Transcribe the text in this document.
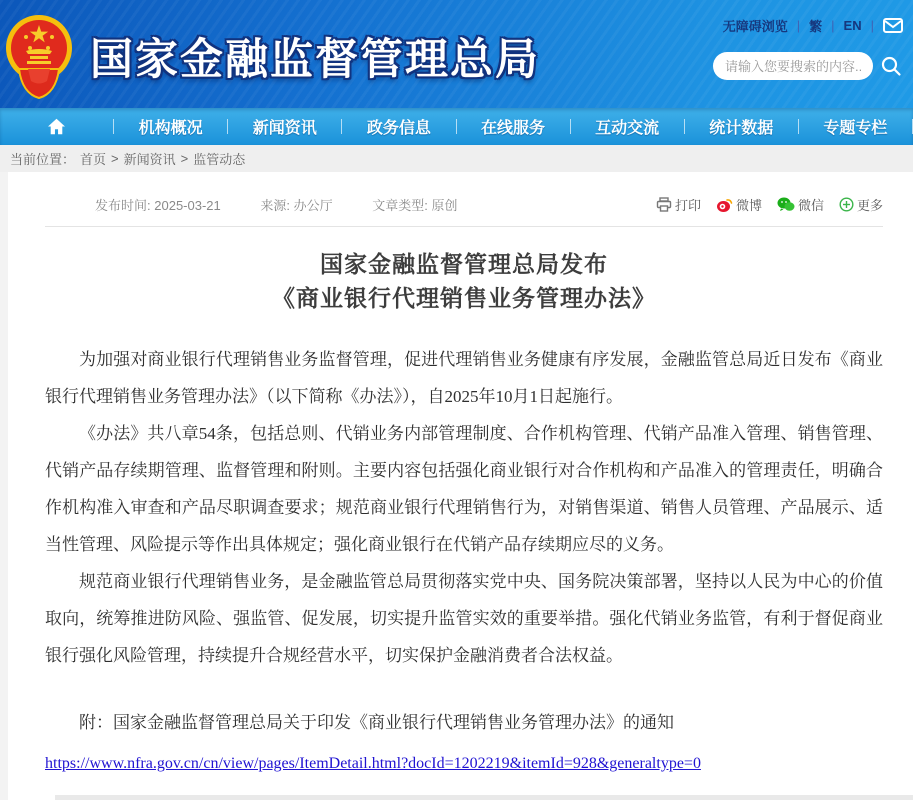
国家金融监督管理总局
无障碍浏览 | 繁 | EN |
请输入您要搜索的内容...
机构概况	新闻资讯	政务信息	在线服务	互动交流	统计数据	专题专栏
当前位置： 首页 > 新闻资讯 > 监管动态
发布时间: 2025-03-21	来源: 办公厅	文章类型: 原创	打印	微博	微信	更多
国家金融监督管理总局发布
《商业银行代理销售业务管理办法》

为加强对商业银行代理销售业务监督管理，促进代理销售业务健康有序发展，金融监管总局近日发布《商业银行代理销售业务管理办法》（以下简称《办法》），自2025年10月1日起施行。

《办法》共八章54条，包括总则、代销业务内部管理制度、合作机构管理、代销产品准入管理、销售管理、代销产品存续期管理、监督管理和附则。主要内容包括强化商业银行对合作机构和产品准入的管理责任，明确合作机构准入审查和产品尽职调查要求；规范商业银行代理销售行为，对销售渠道、销售人员管理、产品展示、适当性管理、风险提示等作出具体规定；强化商业银行在代销产品存续期应尽的义务。

规范商业银行代理销售业务，是金融监管总局贯彻落实党中央、国务院决策部署，坚持以人民为中心的价值取向，统筹推进防风险、强监管、促发展，切实提升监管实效的重要举措。强化代销业务监管，有利于督促商业银行强化风险管理，持续提升合规经营水平，切实保护金融消费者合法权益。

附：国家金融监督管理总局关于印发《商业银行代理销售业务管理办法》的通知

https://www.nfra.gov.cn/cn/view/pages/ItemDetail.html?docId=1202219&itemId=928&generaltype=0
